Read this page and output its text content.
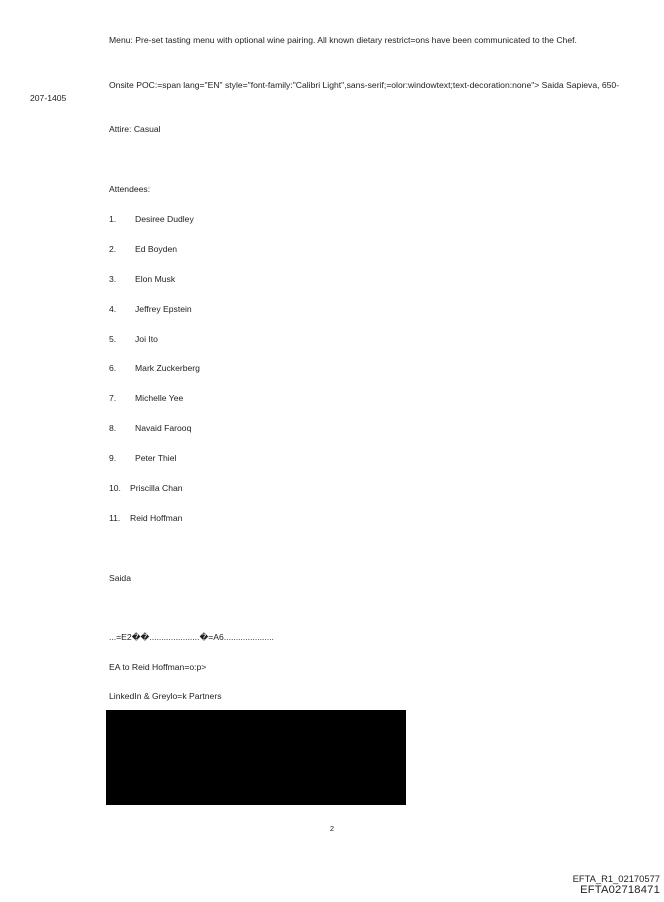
Menu: Pre-set tasting menu with optional wine pairing. All known dietary restrict=ons have been communicated to the Chef.

Onsite POC:=span lang="EN" style="font-family:"Calibri Light",sans-serif;=olor:windowtext;text-decoration:none"> Saida Sapieva, 650-207-1405

Attire: Casual

Attendees:

1. Desiree Dudley

2. Ed Boyden

3. Elon Musk

4. Jeffrey Epstein

5. Joi Ito

6. Mark Zuckerberg

7. Michelle Yee

8. Navaid Farooq

9. Peter Thiel

10. Priscilla Chan

11. Reid Hoffman

Saida

...=E2��.....................�=A6.....................

EA to Reid Hoffman=o:p>

LinkedIn & Greylo=k Partners

2
EFTA_R1_02170577
EFTA02718471
